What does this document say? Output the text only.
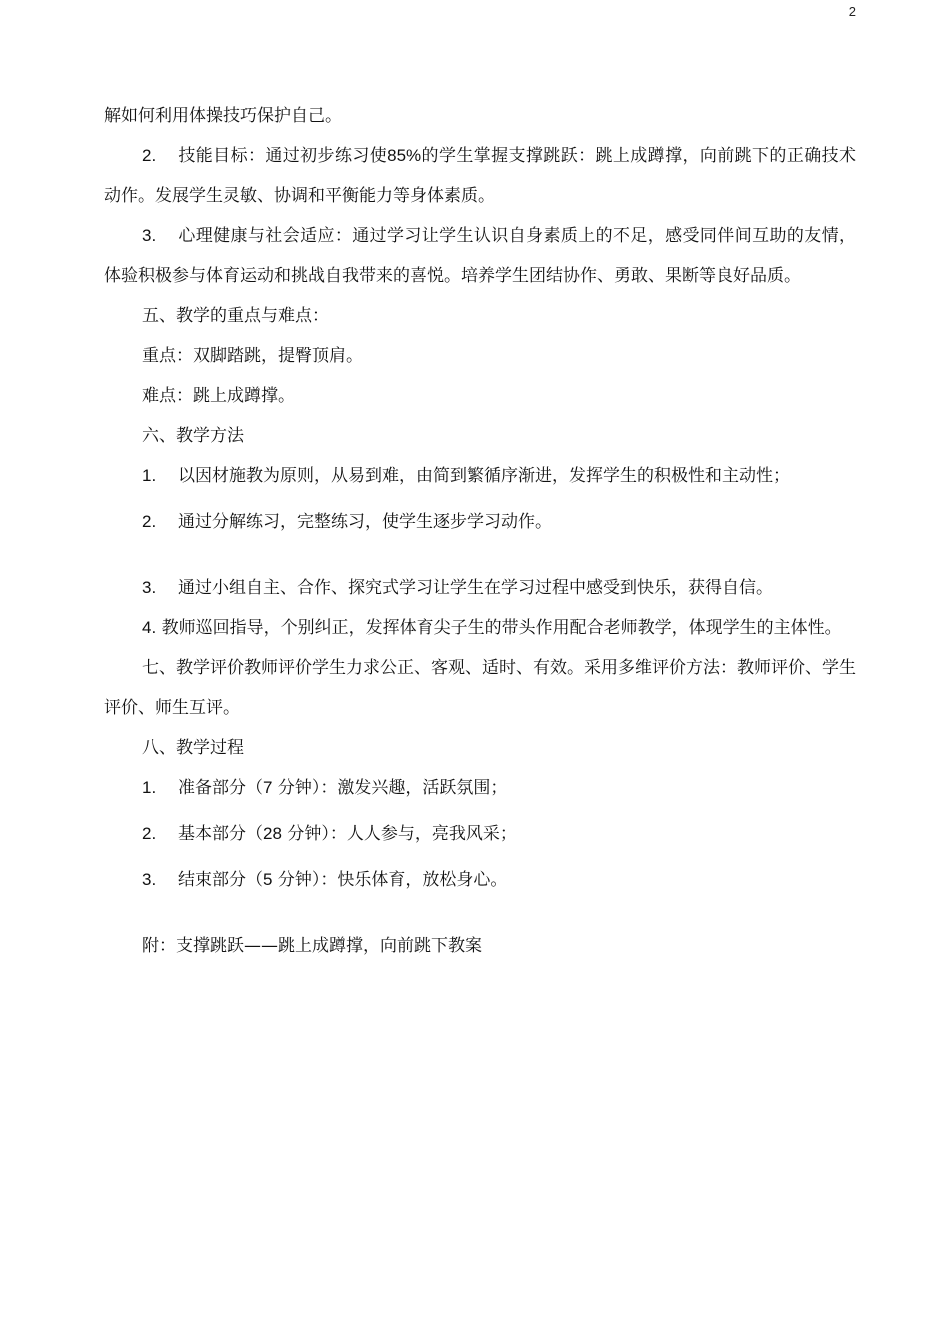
2

解如何利用体操技巧保护自己。

2. 技能目标：通过初步练习使85%的学生掌握支撑跳跃：跳上成蹲撑，向前跳下的正确技术动作。发展学生灵敏、协调和平衡能力等身体素质。

3. 心理健康与社会适应：通过学习让学生认识自身素质上的不足，感受同伴间互助的友情，体验积极参与体育运动和挑战自我带来的喜悦。培养学生团结协作、勇敢、果断等良好品质。

五、教学的重点与难点：

重点：双脚踏跳，提臀顶肩。

难点：跳上成蹲撑。

六、教学方法

1. 以因材施教为原则，从易到难，由简到繁循序渐进，发挥学生的积极性和主动性；

2. 通过分解练习，完整练习，使学生逐步学习动作。

3. 通过小组自主、合作、探究式学习让学生在学习过程中感受到快乐，获得自信。

4. 教师巡回指导，个别纠正，发挥体育尖子生的带头作用配合老师教学，体现学生的主体性。

七、教学评价教师评价学生力求公正、客观、适时、有效。采用多维评价方法：教师评价、学生评价、师生互评。

八、教学过程

1. 准备部分（7 分钟）：激发兴趣，活跃氛围；

2. 基本部分（28 分钟）：人人参与，亮我风采；

3. 结束部分（5 分钟）：快乐体育，放松身心。

附：支撑跳跃——跳上成蹲撑，向前跳下教案
